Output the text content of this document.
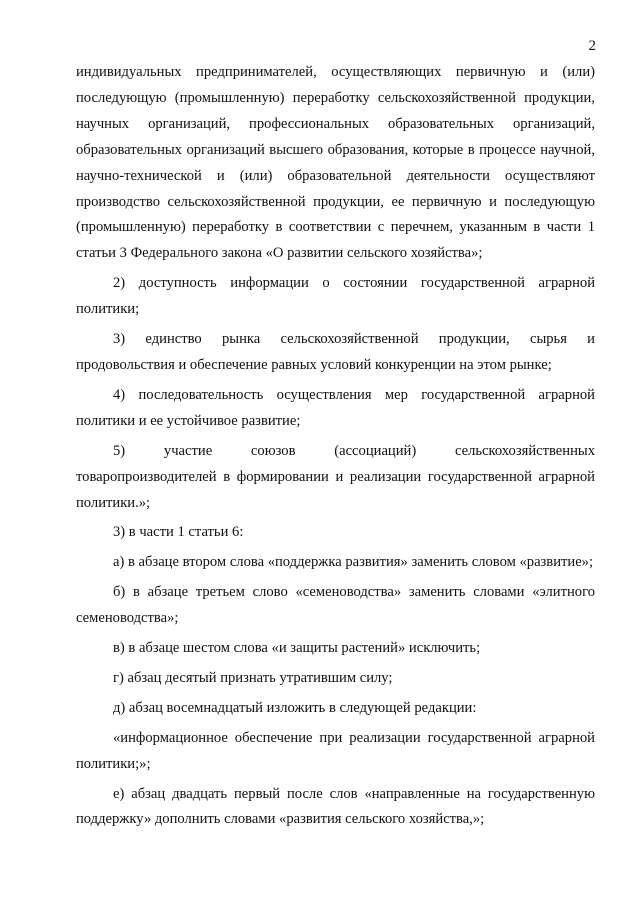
2

индивидуальных предпринимателей, осуществляющих первичную и (или) последующую (промышленную) переработку сельскохозяйственной продукции, научных организаций, профессиональных образовательных организаций, образовательных организаций высшего образования, которые в процессе научной, научно-технической и (или) образовательной деятельности осуществляют производство сельскохозяйственной продукции, ее первичную и последующую (промышленную) переработку в соответствии с перечнем, указанным в части 1 статьи 3 Федерального закона «О развитии сельского хозяйства»;

2) доступность информации о состоянии государственной аграрной политики;

3) единство рынка сельскохозяйственной продукции, сырья и продовольствия и обеспечение равных условий конкуренции на этом рынке;

4) последовательность осуществления мер государственной аграрной политики и ее устойчивое развитие;

5) участие союзов (ассоциаций) сельскохозяйственных товаропроизводителей в формировании и реализации государственной аграрной политики.»;

3) в части 1 статьи 6:

а) в абзаце втором слова «поддержка развития» заменить словом «развитие»;

б) в абзаце третьем слово «семеноводства» заменить словами «элитного семеноводства»;

в) в абзаце шестом слова «и защиты растений» исключить;

г) абзац десятый признать утратившим силу;

д) абзац восемнадцатый изложить в следующей редакции:

«информационное обеспечение при реализации государственной аграрной политики;»;

е) абзац двадцать первый после слов «направленные на государственную поддержку» дополнить словами «развития сельского хозяйства,»;
